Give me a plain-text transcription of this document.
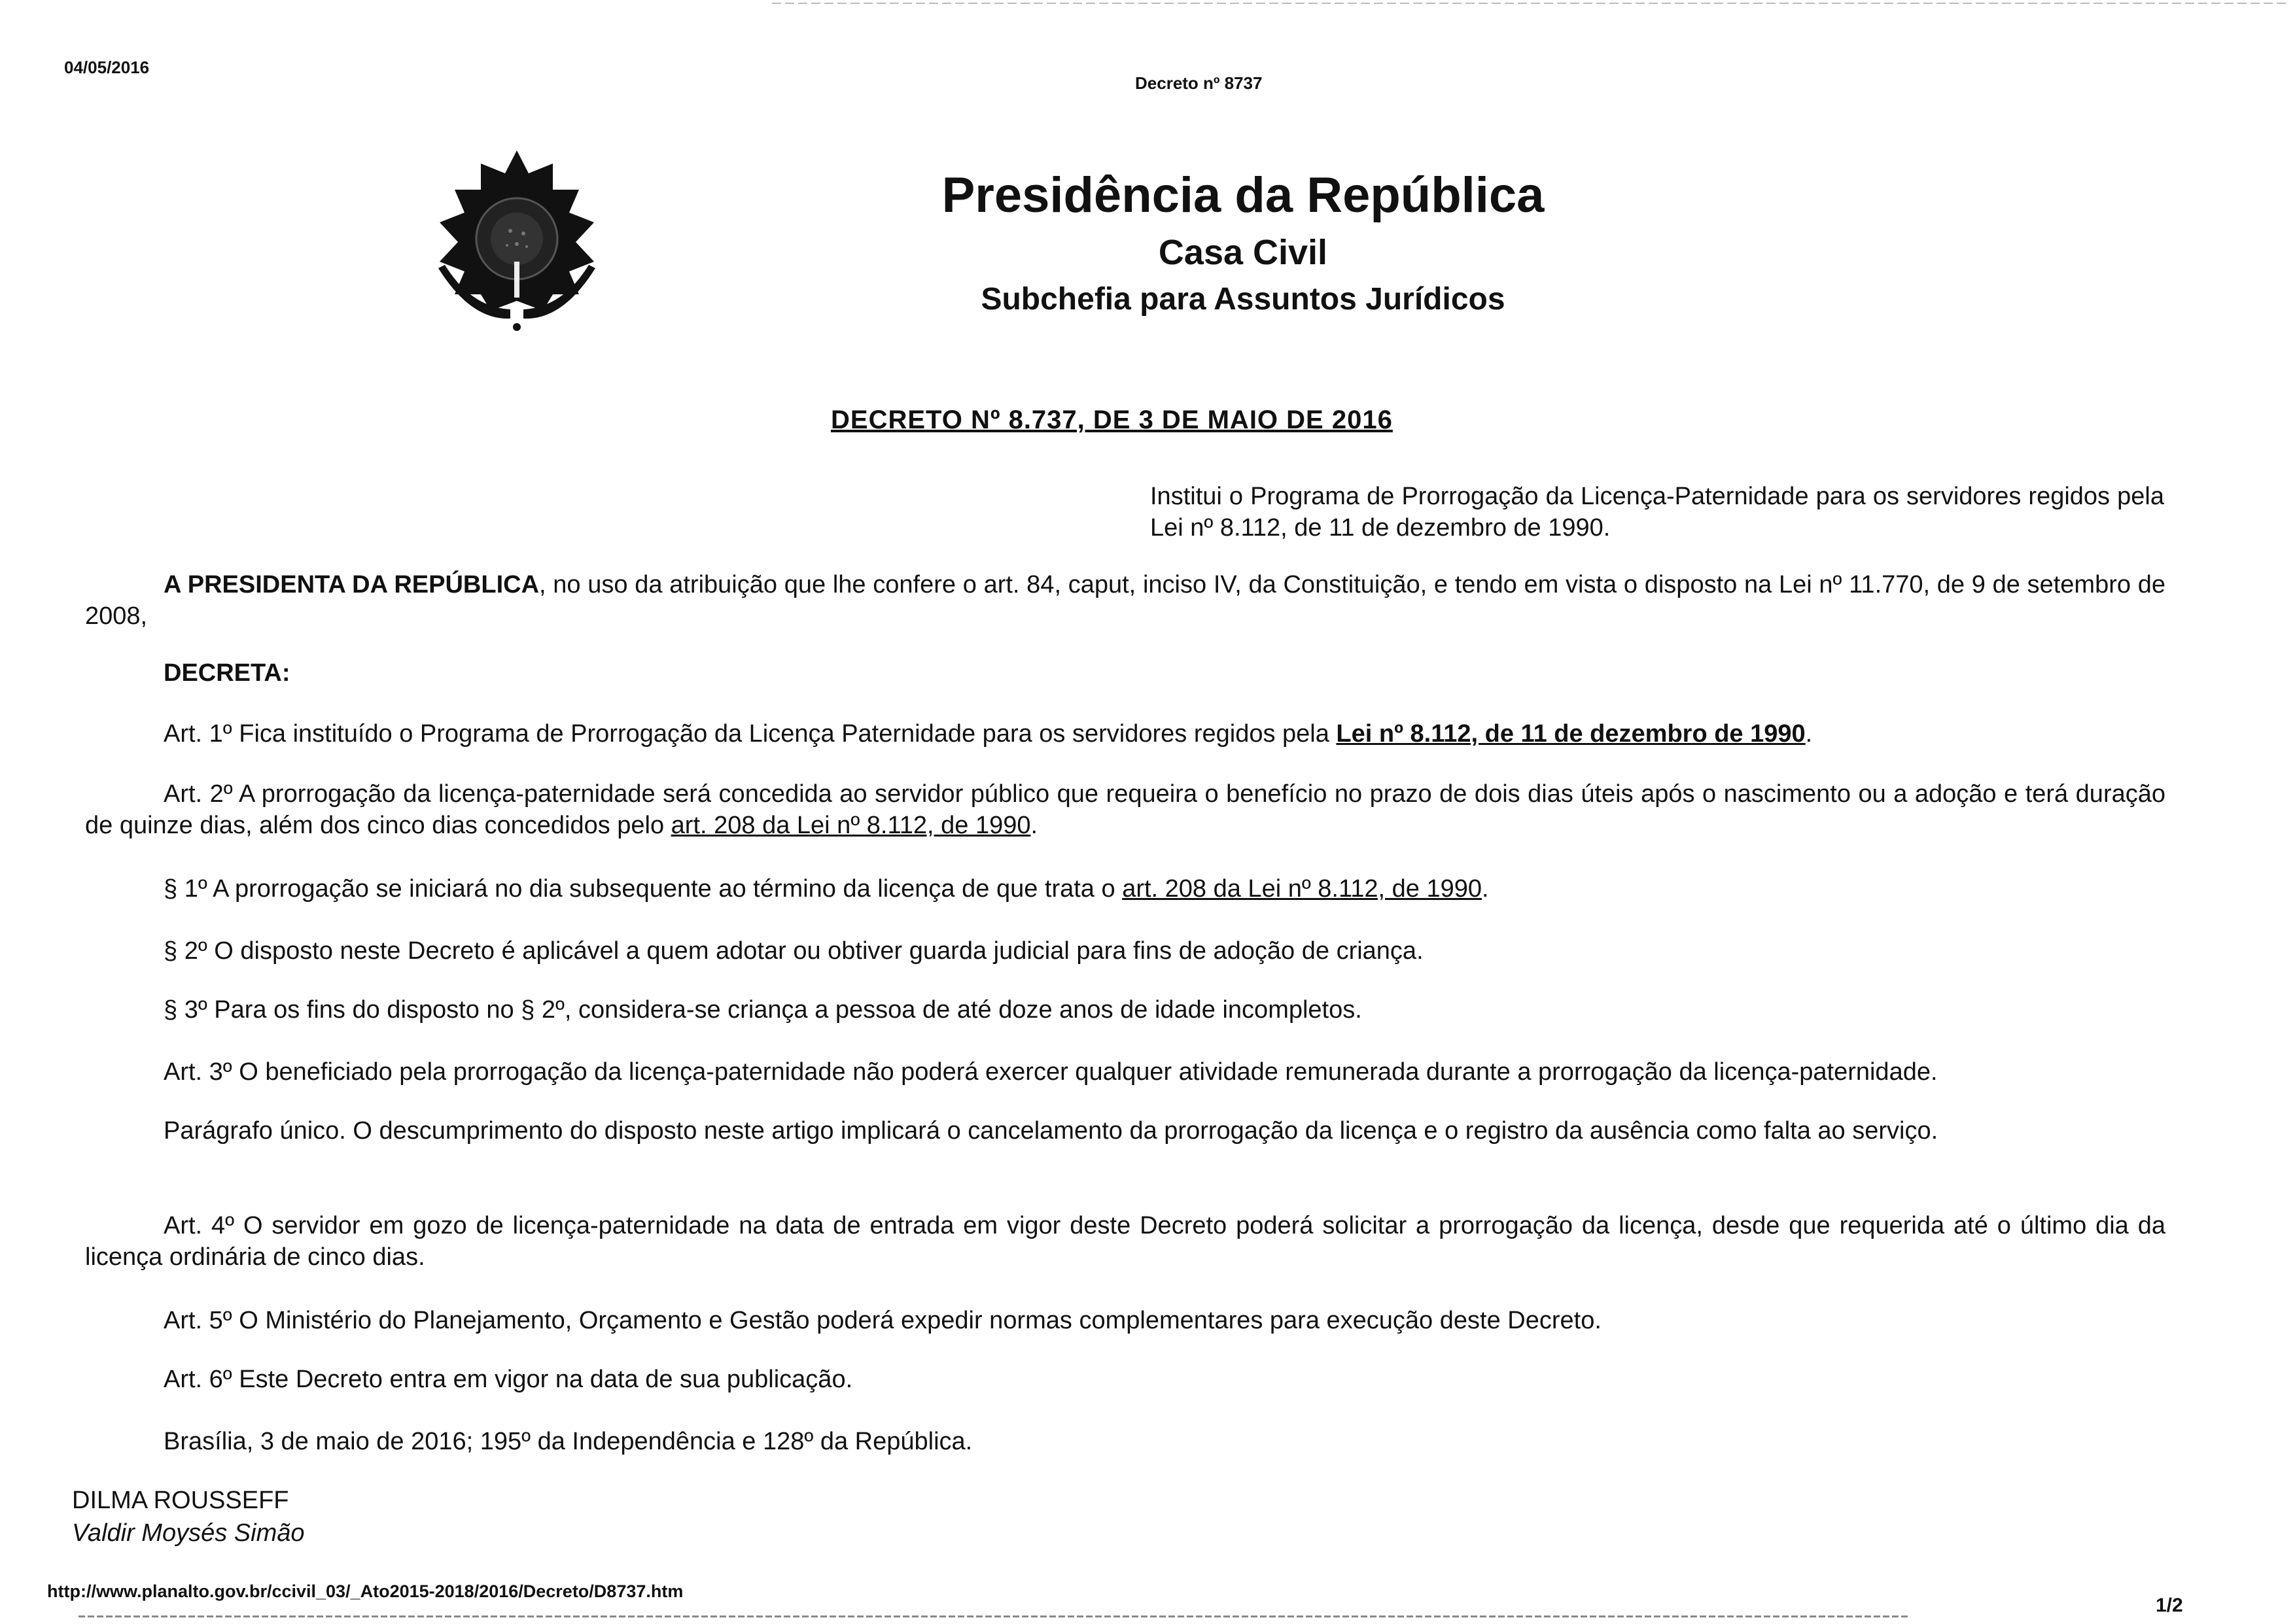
04/05/2016
Decreto nº 8737
Presidência da República
Casa Civil
Subchefia para Assuntos Jurídicos
DECRETO Nº 8.737, DE 3 DE MAIO DE 2016
Institui o Programa de Prorrogação da Licença-Paternidade para os servidores regidos pela Lei nº 8.112, de 11 de dezembro de 1990.
A PRESIDENTA DA REPÚBLICA, no uso da atribuição que lhe confere o art. 84, caput, inciso IV, da Constituição, e tendo em vista o disposto na Lei nº 11.770, de 9 de setembro de 2008,
DECRETA:
Art. 1º Fica instituído o Programa de Prorrogação da Licença Paternidade para os servidores regidos pela Lei nº 8.112, de 11 de dezembro de 1990.
Art. 2º A prorrogação da licença-paternidade será concedida ao servidor público que requeira o benefício no prazo de dois dias úteis após o nascimento ou a adoção e terá duração de quinze dias, além dos cinco dias concedidos pelo art. 208 da Lei nº 8.112, de 1990.
§ 1º A prorrogação se iniciará no dia subsequente ao término da licença de que trata o art. 208 da Lei nº 8.112, de 1990.
§ 2º O disposto neste Decreto é aplicável a quem adotar ou obtiver guarda judicial para fins de adoção de criança.
§ 3º Para os fins do disposto no § 2º, considera-se criança a pessoa de até doze anos de idade incompletos.
Art. 3º O beneficiado pela prorrogação da licença-paternidade não poderá exercer qualquer atividade remunerada durante a prorrogação da licença-paternidade.
Parágrafo único. O descumprimento do disposto neste artigo implicará o cancelamento da prorrogação da licença e o registro da ausência como falta ao serviço.
Art. 4º O servidor em gozo de licença-paternidade na data de entrada em vigor deste Decreto poderá solicitar a prorrogação da licença, desde que requerida até o último dia da licença ordinária de cinco dias.
Art. 5º O Ministério do Planejamento, Orçamento e Gestão poderá expedir normas complementares para execução deste Decreto.
Art. 6º Este Decreto entra em vigor na data de sua publicação.
Brasília, 3 de maio de 2016; 195º da Independência e 128º da República.
DILMA ROUSSEFF
Valdir Moysés Simão
http://www.planalto.gov.br/ccivil_03/_Ato2015-2018/2016/Decreto/D8737.htm
1/2
